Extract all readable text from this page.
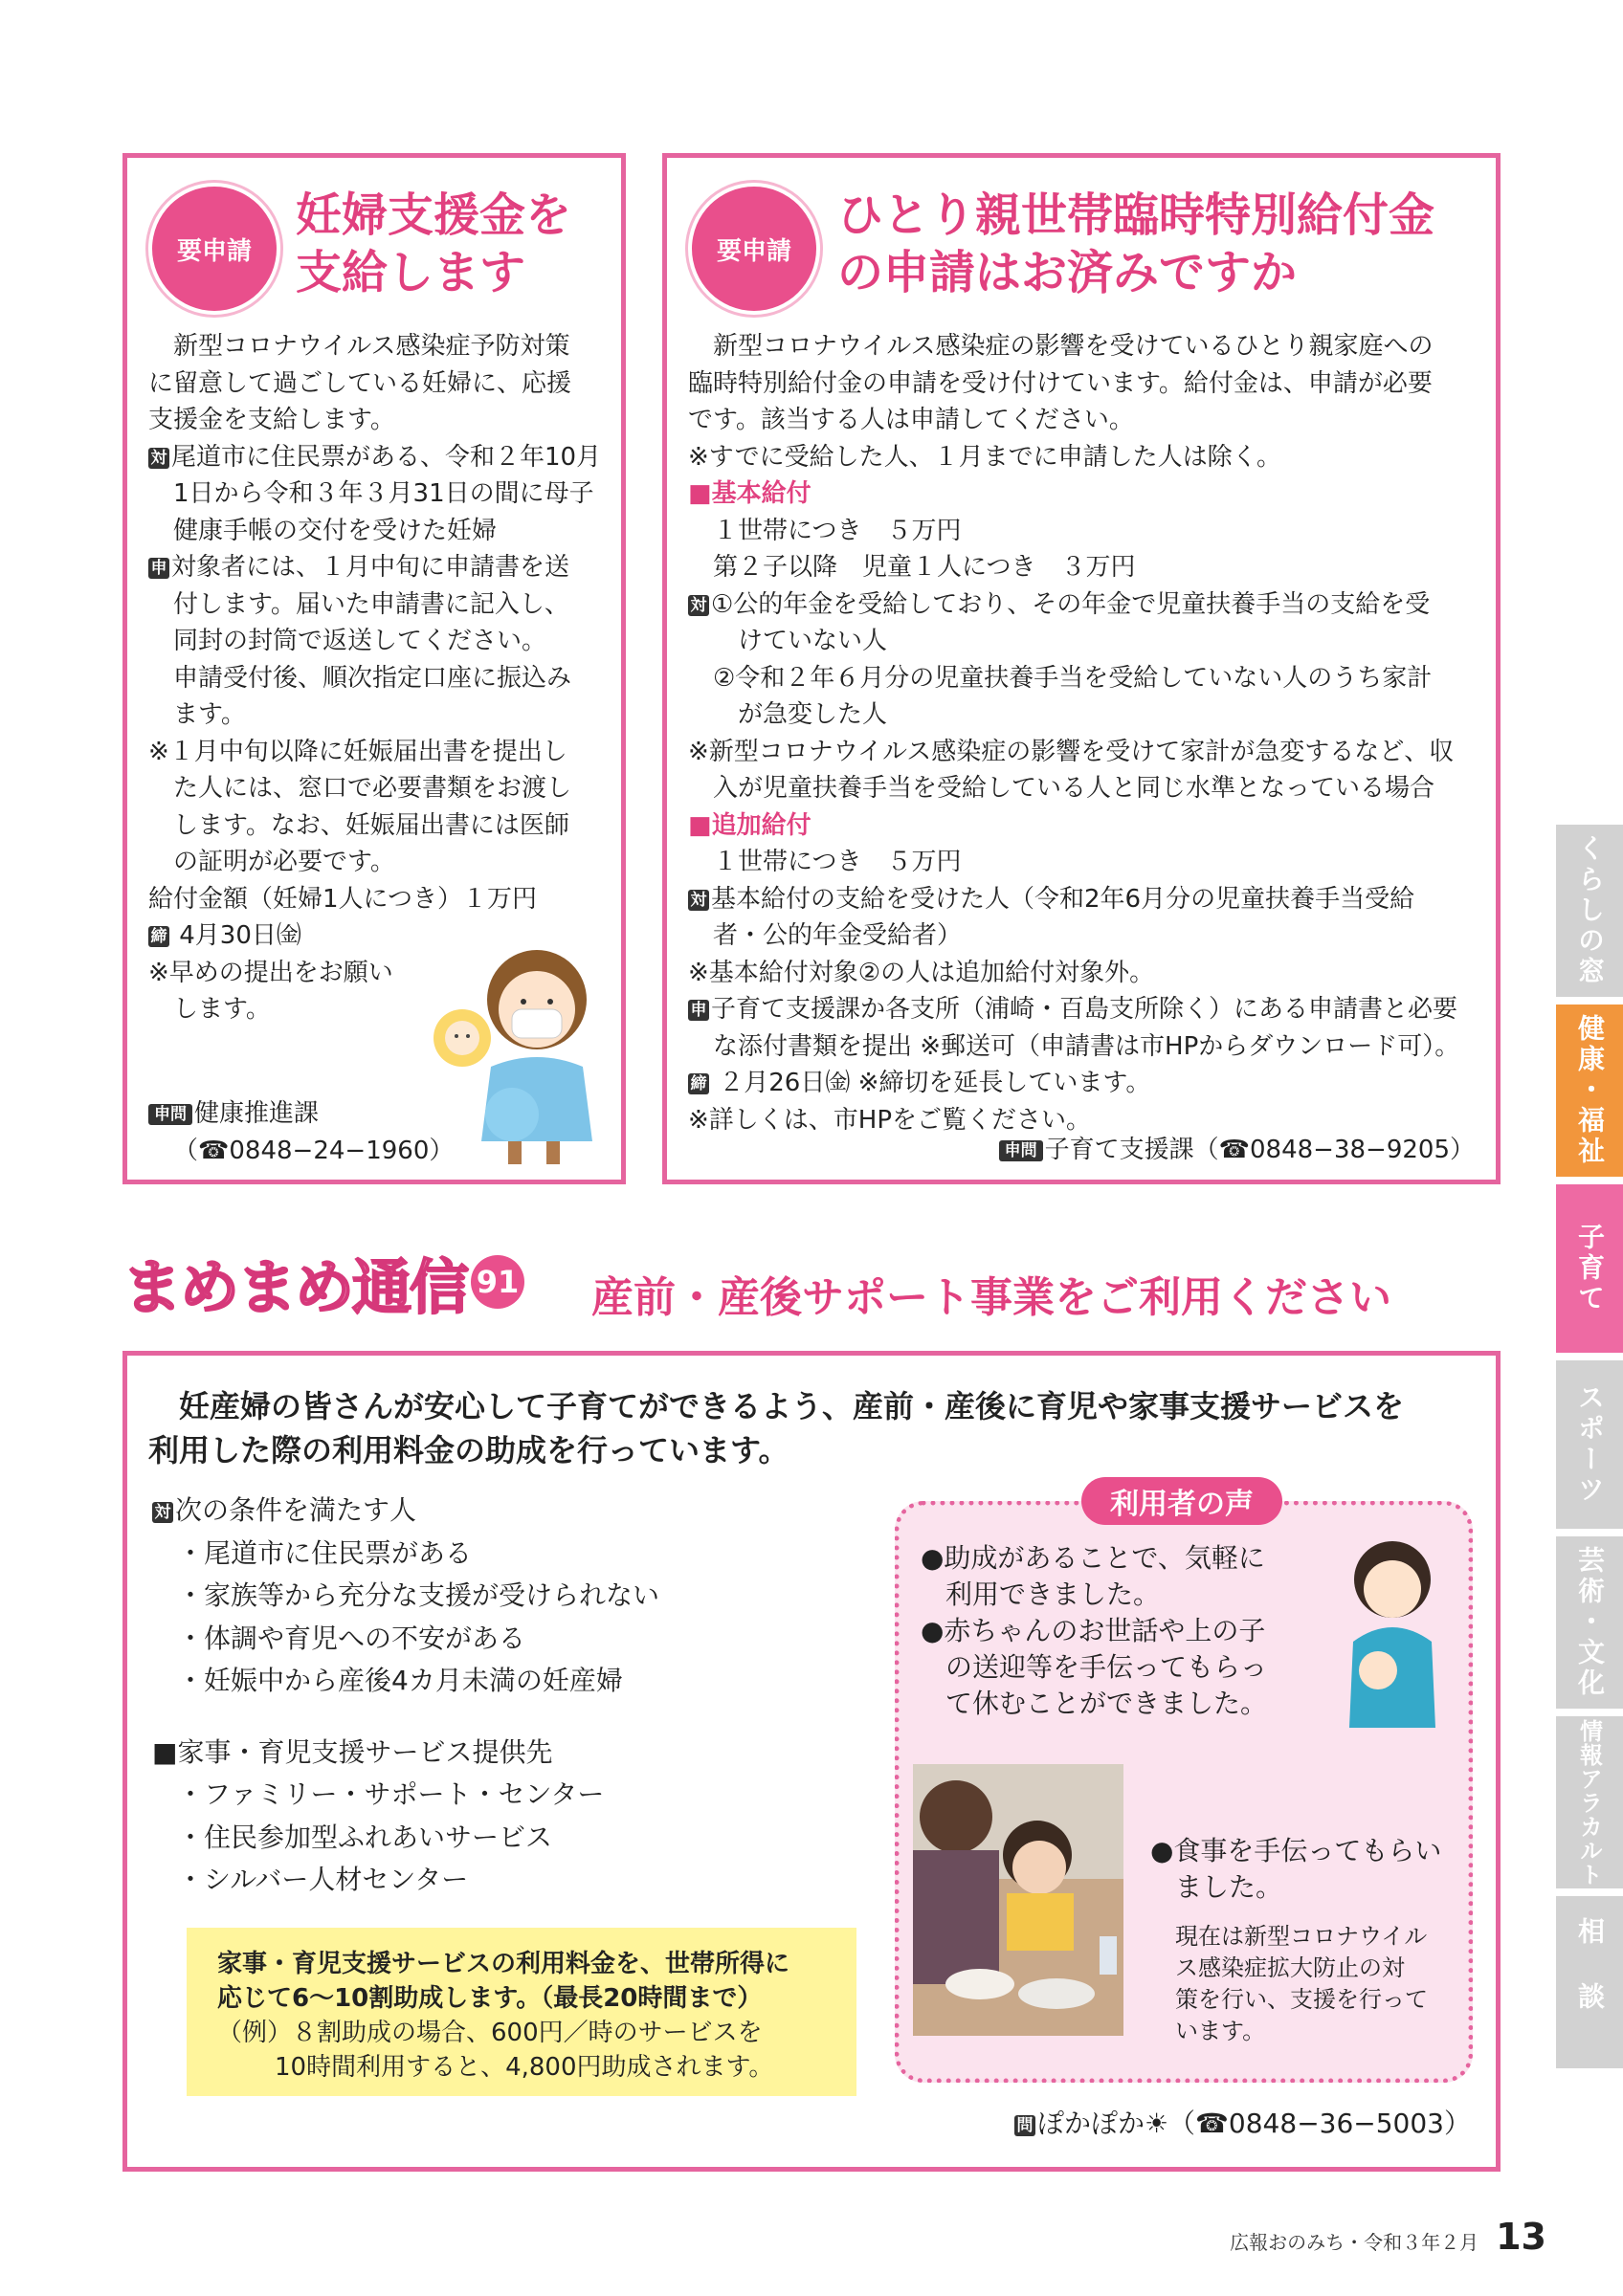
要申請
妊婦支援金を
支給します
新型コロナウイルス感染症予防対策
に留意して過ごしている妊婦に、応援
支援金を支給します。
対 尾道市に住民票がある、令和２年10月
1日から令和３年３月31日の間に母子
健康手帳の交付を受けた妊婦
申 対象者には、１月中旬に申請書を送
付します。届いた申請書に記入し、
同封の封筒で返送してください。
申請受付後、順次指定口座に振込み
ます。
※１月中旬以降に妊娠届出書を提出し
た人には、窓口で必要書類をお渡し
します。なお、妊娠届出書には医師
の証明が必要です。
給付金額（妊婦1人につき）１万円
締 4月30日㈮
※早めの提出をお願い
します。
申問 健康推進課
（☎0848−24−1960）
要申請
ひとり親世帯臨時特別給付金
の申請はお済みですか
新型コロナウイルス感染症の影響を受けているひとり親家庭への
臨時特別給付金の申請を受け付けています。給付金は、申請が必要
です。該当する人は申請してください。
※すでに受給した人、１月までに申請した人は除く。
■基本給付
１世帯につき　５万円
第２子以降　児童１人につき　３万円
対 ①公的年金を受給しており、その年金で児童扶養手当の支給を受
けていない人
②令和２年６月分の児童扶養手当を受給していない人のうち家計
が急変した人
※新型コロナウイルス感染症の影響を受けて家計が急変するなど、収
入が児童扶養手当を受給している人と同じ水準となっている場合
■追加給付
１世帯につき　５万円
対 基本給付の支給を受けた人（令和2年6月分の児童扶養手当受給
者・公的年金受給者）
※基本給付対象②の人は追加給付対象外。
申 子育て支援課か各支所（浦崎・百島支所除く）にある申請書と必要
な添付書類を提出 ※郵送可（申請書は市HPからダウンロード可）。
締 ２月26日㈮ ※締切を延長しています。
※詳しくは、市HPをご覧ください。
申問 子育て支援課（☎0848−38−9205）
まめまめ通信 91 産前・産後サポート事業をご利用ください
妊産婦の皆さんが安心して子育てができるよう、産前・産後に育児や家事支援サービスを
利用した際の利用料金の助成を行っています。
対 次の条件を満たす人
・尾道市に住民票がある
・家族等から充分な支援が受けられない
・体調や育児への不安がある
・妊娠中から産後4カ月未満の妊産婦
■家事・育児支援サービス提供先
・ファミリー・サポート・センター
・住民参加型ふれあいサービス
・シルバー人材センター
家事・育児支援サービスの利用料金を、世帯所得に
応じて6〜10割助成します。（最長20時間まで）
（例）８割助成の場合、600円／時のサービスを
10時間利用すると、4,800円助成されます。
利用者の声
●助成があることで、気軽に
利用できました。
●赤ちゃんのお世話や上の子
の送迎等を手伝ってもらっ
て休むことができました。
●食事を手伝ってもらい
ました。
現在は新型コロナウイル
ス感染症拡大防止の対
策を行い、支援を行って
います。
問 ぽかぽか☀（☎0848−36−5003）
くらしの窓
健康・福祉
子育て
スポーツ
芸術・文化
情報アラカルト
相談
広報おのみち・令和３年２月 13
